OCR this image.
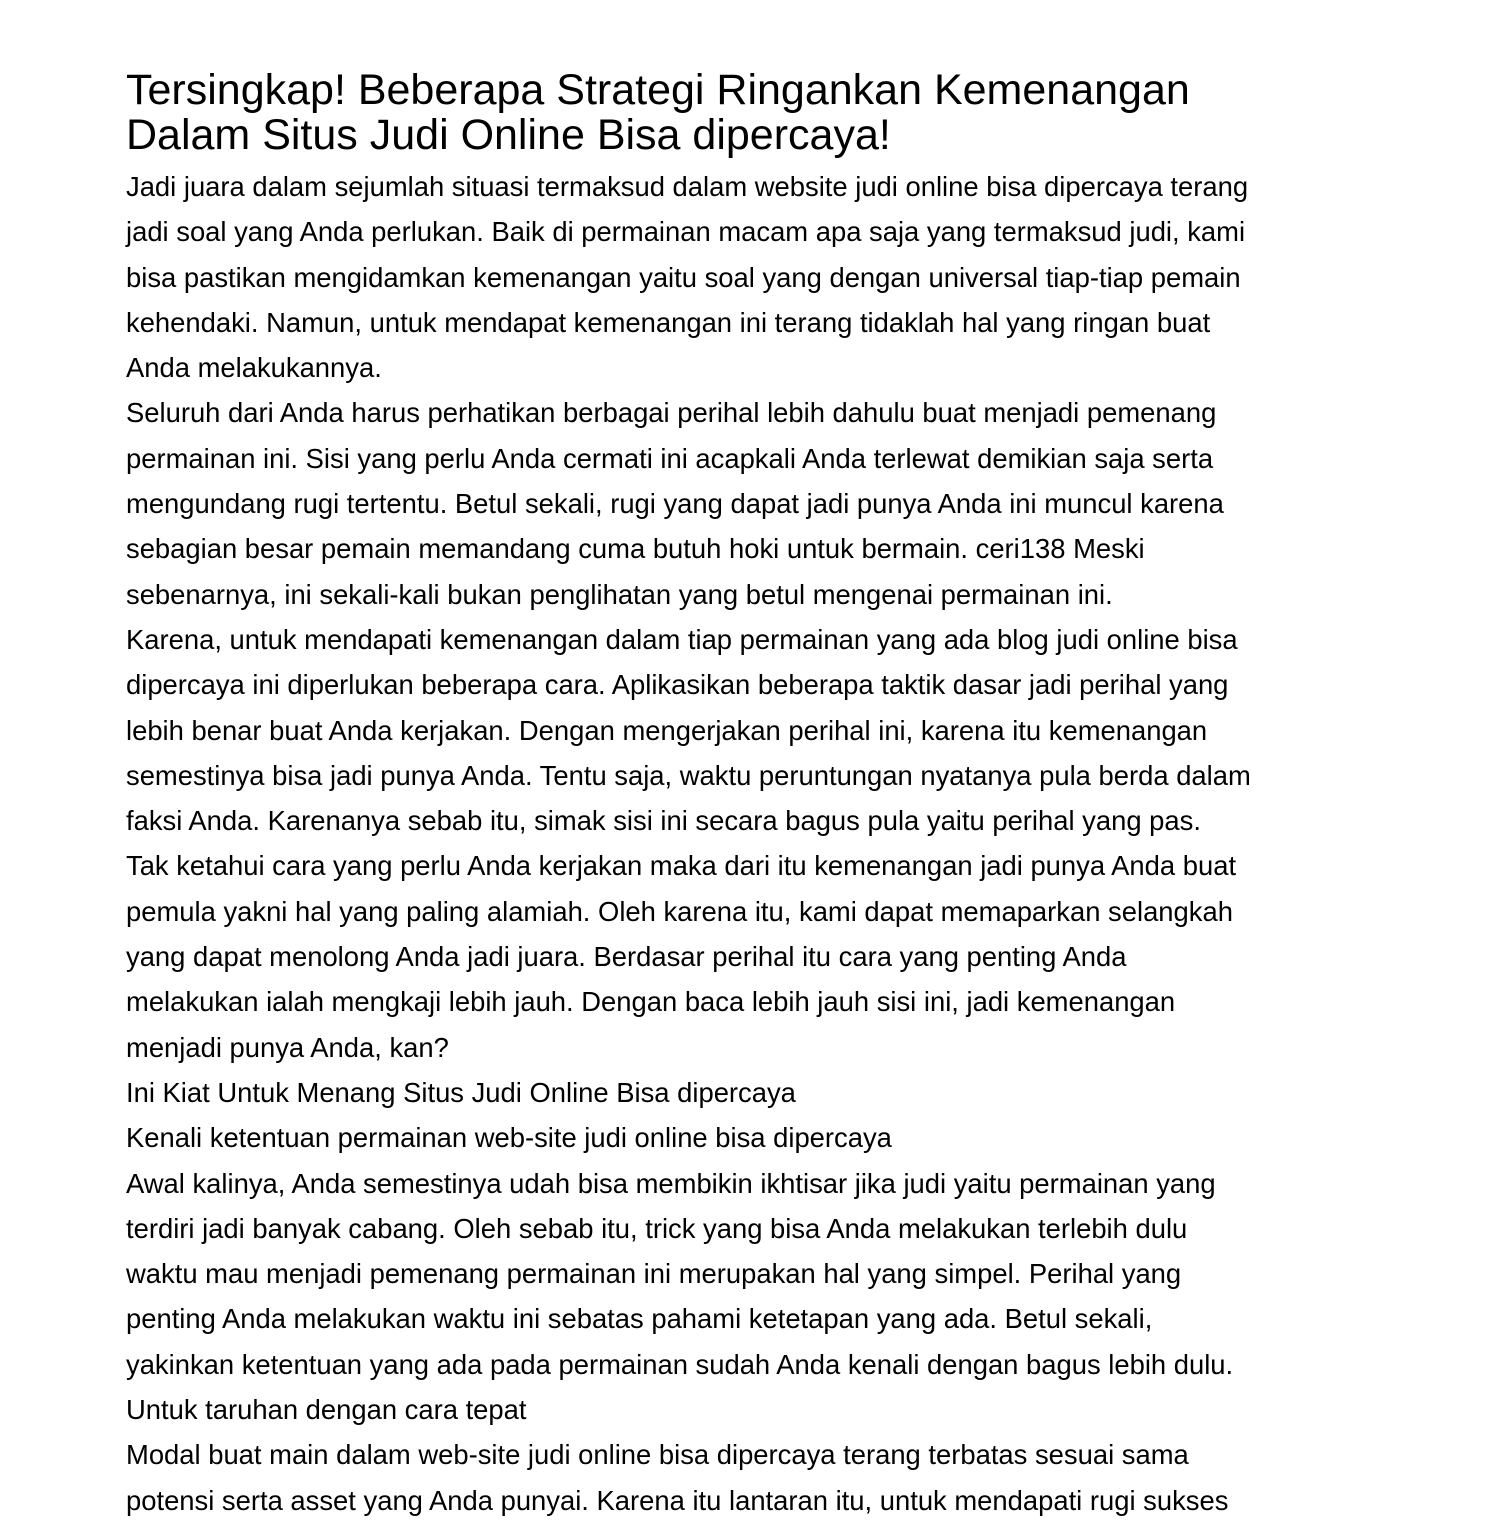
Tersingkap! Beberapa Strategi Ringankan Kemenangan
Dalam Situs Judi Online Bisa dipercaya!

Jadi juara dalam sejumlah situasi termaksud dalam website judi online bisa dipercaya terang
jadi soal yang Anda perlukan. Baik di permainan macam apa saja yang termaksud judi, kami
bisa pastikan mengidamkan kemenangan yaitu soal yang dengan universal tiap-tiap pemain
kehendaki. Namun, untuk mendapat kemenangan ini terang tidaklah hal yang ringan buat
Anda melakukannya.

Seluruh dari Anda harus perhatikan berbagai perihal lebih dahulu buat menjadi pemenang
permainan ini. Sisi yang perlu Anda cermati ini acapkali Anda terlewat demikian saja serta
mengundang rugi tertentu. Betul sekali, rugi yang dapat jadi punya Anda ini muncul karena
sebagian besar pemain memandang cuma butuh hoki untuk bermain. ceri138 Meski
sebenarnya, ini sekali-kali bukan penglihatan yang betul mengenai permainan ini.

Karena, untuk mendapati kemenangan dalam tiap permainan yang ada blog judi online bisa
dipercaya ini diperlukan beberapa cara. Aplikasikan beberapa taktik dasar jadi perihal yang
lebih benar buat Anda kerjakan. Dengan mengerjakan perihal ini, karena itu kemenangan
semestinya bisa jadi punya Anda. Tentu saja, waktu peruntungan nyatanya pula berda dalam
faksi Anda. Karenanya sebab itu, simak sisi ini secara bagus pula yaitu perihal yang pas.

Tak ketahui cara yang perlu Anda kerjakan maka dari itu kemenangan jadi punya Anda buat
pemula yakni hal yang paling alamiah. Oleh karena itu, kami dapat memaparkan selangkah
yang dapat menolong Anda jadi juara. Berdasar perihal itu cara yang penting Anda
melakukan ialah mengkaji lebih jauh. Dengan baca lebih jauh sisi ini, jadi kemenangan
menjadi punya Anda, kan?

Ini Kiat Untuk Menang Situs Judi Online Bisa dipercaya

Kenali ketentuan permainan web-site judi online bisa dipercaya

Awal kalinya, Anda semestinya udah bisa membikin ikhtisar jika judi yaitu permainan yang
terdiri jadi banyak cabang. Oleh sebab itu, trick yang bisa Anda melakukan terlebih dulu
waktu mau menjadi pemenang permainan ini merupakan hal yang simpel. Perihal yang
penting Anda melakukan waktu ini sebatas pahami ketetapan yang ada. Betul sekali,
yakinkan ketentuan yang ada pada permainan sudah Anda kenali dengan bagus lebih dulu.

Untuk taruhan dengan cara tepat

Modal buat main dalam web-site judi online bisa dipercaya terang terbatas sesuai sama
potensi serta asset yang Anda punyai. Karena itu lantaran itu, untuk mendapati rugi sukses
